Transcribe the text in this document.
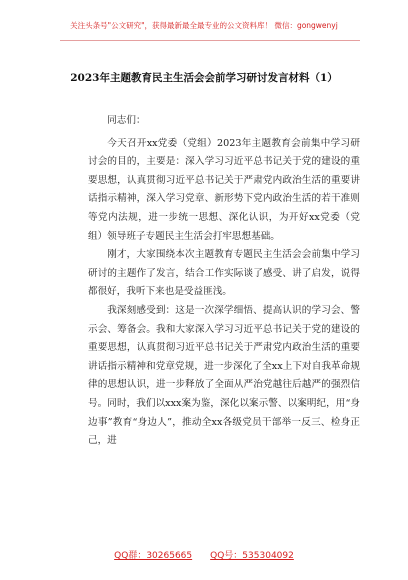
关注头条号"公文研究"，获得最新最全最专业的公文资料库！ 微信：gongwenyj
2023年主题教育民主生活会会前学习研讨发言材料（1）

同志们：

今天召开xx党委（党组）2023年主题教育会前集中学习研讨会的目的，主要是：深入学习习近平总书记关于党的建设的重要思想，认真贯彻习近平总书记关于严肃党内政治生活的重要讲话指示精神，深入学习党章、新形势下党内政治生活的若干准则等党内法规，进一步统一思想、深化认识，为开好xx党委（党组）领导班子专题民主生活会打牢思想基础。

刚才，大家围绕本次主题教育专题民主生活会会前集中学习研讨的主题作了发言，结合工作实际谈了感受、讲了启发，说得都很好，我听下来也是受益匪浅。

我深刻感受到：这是一次深学细悟、提高认识的学习会、警示会、筹备会。我和大家深入学习习近平总书记关于党的建设的重要思想，认真贯彻习近平总书记关于严肃党内政治生活的重要讲话指示精神和党章党规，进一步深化了全xx上下对自我革命规律的思想认识，进一步释放了全面从严治党越往后越严的强烈信号。同时，我们以xxx案为鉴，深化以案示警、以案明纪，用“身边事”教育“身边人”，推动全xx各级党员干部举一反三、检身正己，进

QQ群：30265665 QQ号：535304092
